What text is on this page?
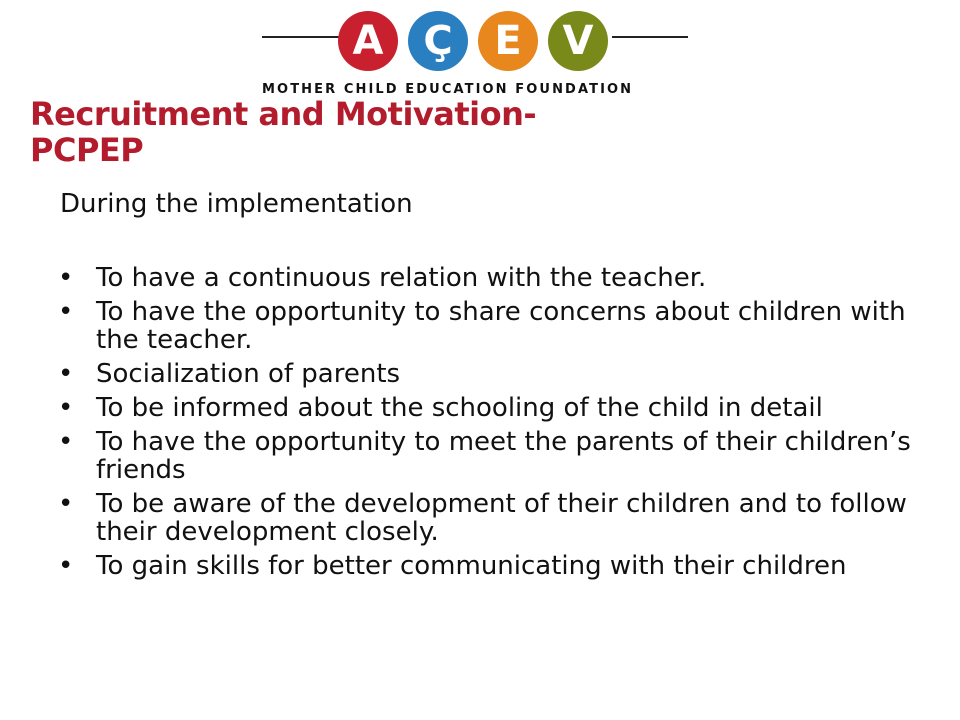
A Ç	E	V
MOTHER CHILD EDUCATION FOUNDATION
Recruitment and Motivation-
PCPEP

During the implementation

• To have a continuous relation with the teacher.
• To have the opportunity to share concerns about children with the teacher.
• Socialization of parents
• To be informed about the schooling of the child in detail
• To have the opportunity to meet the parents of their children’s friends
• To be aware of the development of their children and to follow their development closely.
• To gain skills for better communicating with their children
